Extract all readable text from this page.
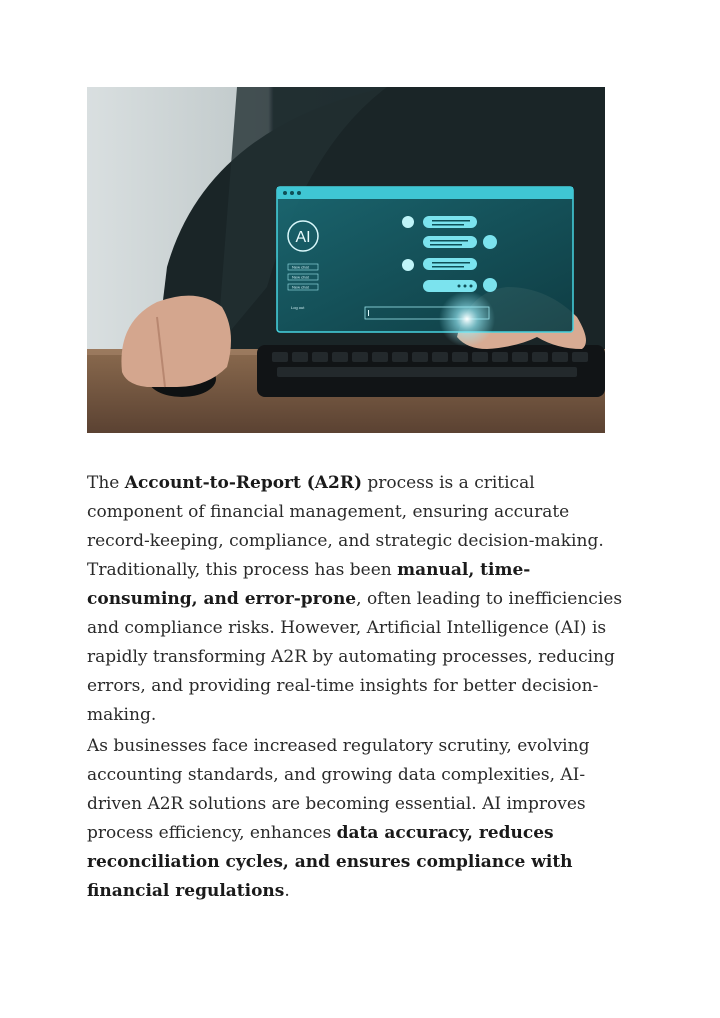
AI
New chat
New chat
New chat
Log out

The Account-to-Report (A2R) process is a critical component of financial management, ensuring accurate record-keeping, compliance, and strategic decision-making. Traditionally, this process has been manual, time-consuming, and error-prone, often leading to inefficiencies and compliance risks. However, Artificial Intelligence (AI) is rapidly transforming A2R by automating processes, reducing errors, and providing real-time insights for better decision-making.

As businesses face increased regulatory scrutiny, evolving accounting standards, and growing data complexities, AI-driven A2R solutions are becoming essential. AI improves process efficiency, enhances data accuracy, reduces reconciliation cycles, and ensures compliance with financial regulations.
